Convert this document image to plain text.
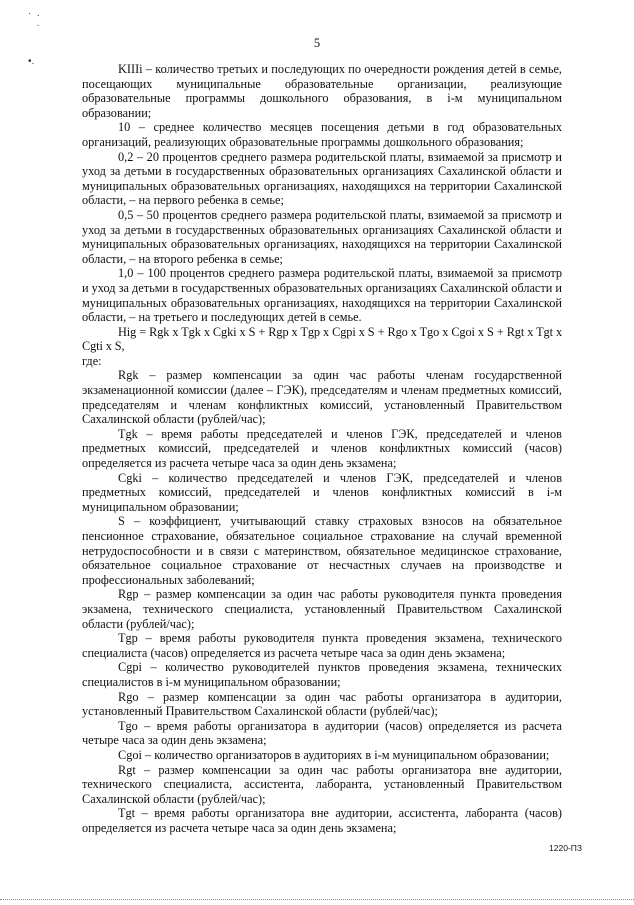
·  .
·

•.
5

KIIIi – количество третьих и последующих по очередности рождения детей в семье, посещающих муниципальные образовательные организации, реализующие образовательные программы дошкольного образования, в i-м муниципальном образовании;

10 – среднее количество месяцев посещения детьми в год образовательных организаций, реализующих образовательные программы дошкольного образования;

0,2 – 20 процентов среднего размера родительской платы, взимаемой за присмотр и уход за детьми в государственных образовательных организациях Сахалинской области и муниципальных образовательных организациях, находящихся на территории Сахалинской области, – на первого ребенка в семье;

0,5 – 50 процентов среднего размера родительской платы, взимаемой за присмотр и уход за детьми в государственных образовательных организациях Сахалинской области и муниципальных образовательных организациях, находящихся на территории Сахалинской области, – на второго ребенка в семье;

1,0 – 100 процентов среднего размера родительской платы, взимаемой за присмотр и уход за детьми в государственных образовательных организациях Сахалинской области и муниципальных образовательных организациях, находящихся на территории Сахалинской области, – на третьего и последующих детей в семье.

Hig = Rgk x Tgk x Cgki x S + Rgp x Tgp x Cgpi x S + Rgo x Tgo x Cgoi x S + Rgt x Tgt x Cgti x S,

где:

Rgk – размер компенсации за один час работы членам государственной экзаменационной комиссии (далее – ГЭК), председателям и членам предметных комиссий, председателям и членам конфликтных комиссий, установленный Правительством Сахалинской области (рублей/час);

Tgk – время работы председателей и членов ГЭК, председателей и членов предметных комиссий, председателей и членов конфликтных комиссий (часов) определяется из расчета четыре часа за один день экзамена;

Cgki – количество председателей и членов ГЭК, председателей и членов предметных комиссий, председателей и членов конфликтных комиссий в i-м муниципальном образовании;

S – коэффициент, учитывающий ставку страховых взносов на обязательное пенсионное страхование, обязательное социальное страхование на случай временной нетрудоспособности и в связи с материнством, обязательное медицинское страхование, обязательное социальное страхование от несчастных случаев на производстве и профессиональных заболеваний;

Rgp – размер компенсации за один час работы руководителя пункта проведения экзамена, технического специалиста, установленный Правительством Сахалинской области (рублей/час);

Tgp – время работы руководителя пункта проведения экзамена, технического специалиста (часов) определяется из расчета четыре часа за один день экзамена;

Cgpi – количество руководителей пунктов проведения экзамена, технических специалистов в i-м муниципальном образовании;

Rgo – размер компенсации за один час работы организатора в аудитории, установленный Правительством Сахалинской области (рублей/час);

Tgo – время работы организатора в аудитории (часов) определяется из расчета четыре часа за один день экзамена;

Cgoi – количество организаторов в аудиториях в i-м муниципальном образовании;

Rgt – размер компенсации за один час работы организатора вне аудитории, технического специалиста, ассистента, лаборанта, установленный Правительством Сахалинской области (рублей/час);

Tgt – время работы организатора вне аудитории, ассистента, лаборанта (часов) определяется из расчета четыре часа за один день экзамена;

1220-ПЗ
